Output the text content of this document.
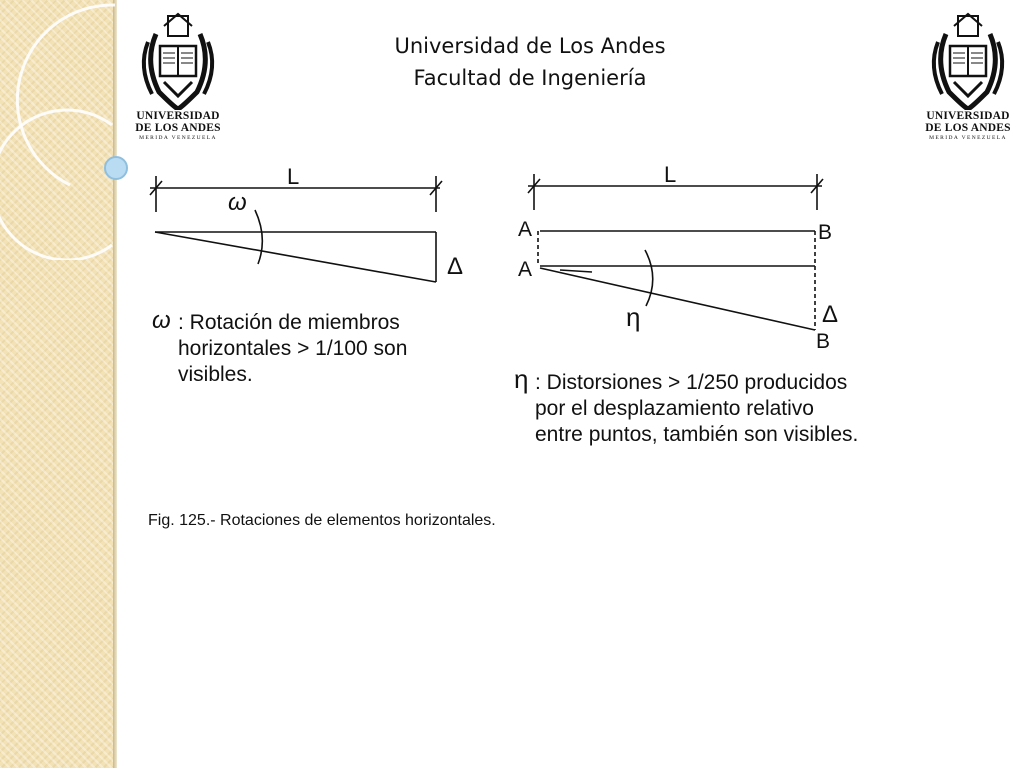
UNIVERSIDAD
DE LOS ANDES
MERIDA VENEZUELA
UNIVERSIDAD
DE LOS ANDES
MERIDA VENEZUELA
Universidad de Los Andes
Facultad de Ingeniería
L
ω
Δ
L
A
A
B
B
η	Δ
ω
η

: Rotación de miembros horizontales > 1/100 son visibles.	: Distorsiones > 1/250 producidos por el desplazamiento relativo entre puntos, también son visibles.

Fig. 125.- Rotaciones de elementos horizontales.
